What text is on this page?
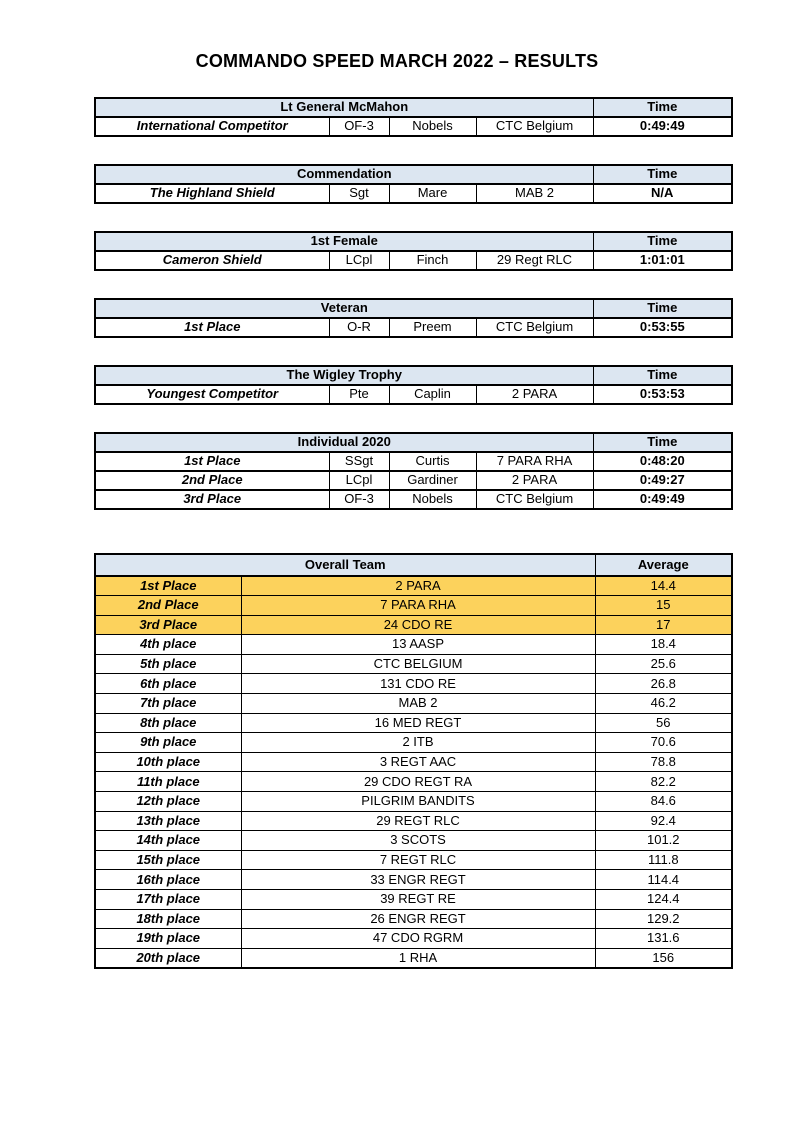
COMMANDO SPEED MARCH 2022 – RESULTS
Lt General McMahon				Time
International Competitor	OF-3	Nobels	CTC Belgium	0:49:49
Commendation				Time
The Highland Shield	Sgt	Mare	MAB 2	N/A
1st Female				Time
Cameron Shield	LCpl	Finch	29 Regt RLC	1:01:01
Veteran				Time
1st Place	O-R	Preem	CTC Belgium	0:53:55
The Wigley Trophy				Time
Youngest Competitor	Pte	Caplin	2 PARA	0:53:53
Individual 2020				Time
1st Place	SSgt	Curtis	7 PARA RHA	0:48:20
2nd Place	LCpl	Gardiner	2 PARA	0:49:27
3rd Place	OF-3	Nobels	CTC Belgium	0:49:49
Overall Team		Average
1st Place	2 PARA	14.4
2nd Place	7 PARA RHA	15
3rd Place	24 CDO RE	17
4th place	13 AASP	18.4
5th place	CTC BELGIUM	25.6
6th place	131 CDO RE	26.8
7th place	MAB 2	46.2
8th place	16 MED REGT	56
9th place	2 ITB	70.6
10th place	3 REGT AAC	78.8
11th place	29 CDO REGT RA	82.2
12th place	PILGRIM BANDITS	84.6
13th place	29 REGT RLC	92.4
14th place	3 SCOTS	101.2
15th place	7 REGT RLC	111.8
16th place	33 ENGR REGT	114.4
17th place	39 REGT RE	124.4
18th place	26 ENGR REGT	129.2
19th place	47 CDO RGRM	131.6
20th place	1 RHA	156
